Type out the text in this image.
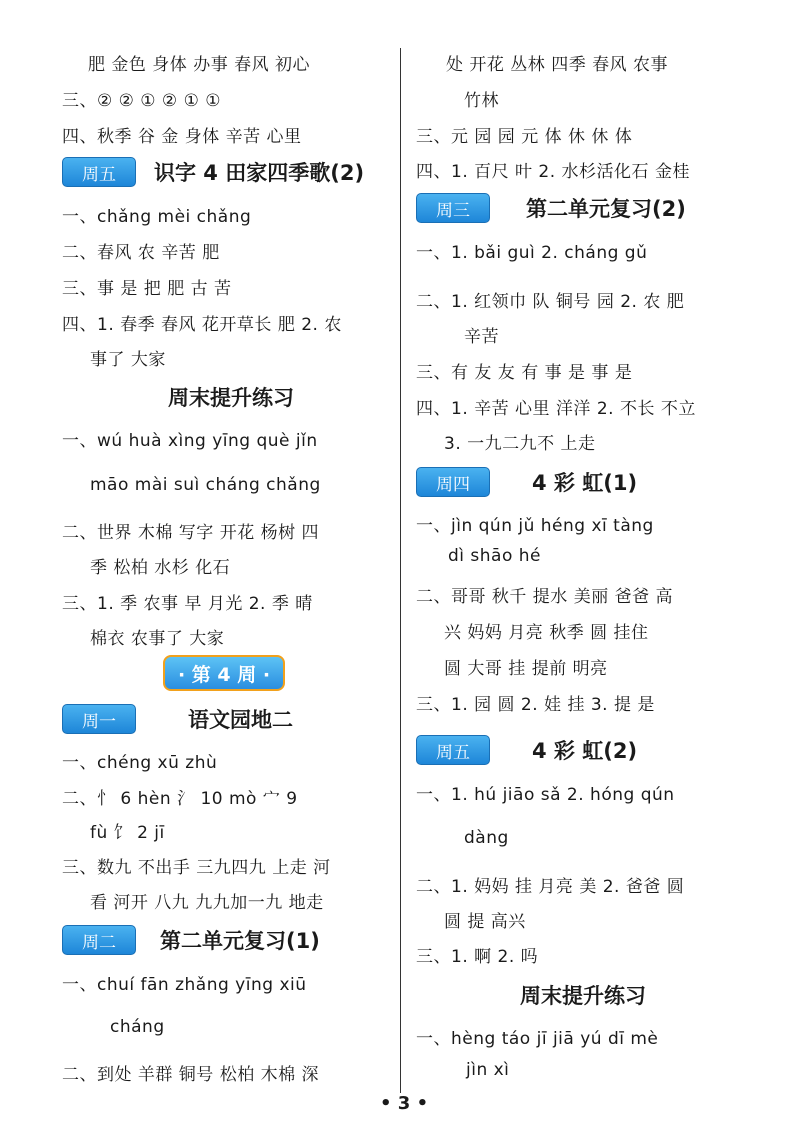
肥 金色 身体 办事 春风 初心
三、② ② ① ② ① ①
四、秋季 谷 金 身体 辛苦 心里
周五	识字 4 田家四季歌(2)
一、chǎng mèi chǎng
二、春风 农 辛苦 肥
三、事 是 把 肥 古 苦
四、1. 春季 春风 花开草长 肥 2. 农
事了 大家
周末提升练习
一、wú huà xìng yīng què jǐn
māo mài suì cháng chǎng
二、世界 木棉 写字 开花 杨树 四
季 松柏 水杉 化石
三、1. 季 农事 早 月光 2. 季 晴
棉衣 农事了 大家
· 第 4 周 ·
周一	语文园地二
一、chéng xū zhù
二、忄 6 hèn 氵 10 mò 宀 9
fù 饣 2 jī
三、数九 不出手 三九四九 上走 河
看 河开 八九 九九加一九 地走
周二	第二单元复习(1)
一、chuí fān zhǎng yīng xiū
cháng
二、到处 羊群 铜号 松柏 木棉 深
处 开花 丛林 四季 春风 农事
竹林
三、元 园 园 元 体 休 休 体
四、1. 百尺 叶 2. 水杉活化石 金桂
周三	第二单元复习(2)
一、1. bǎi guì 2. cháng gǔ
二、1. 红领巾 队 铜号 园 2. 农 肥
辛苦
三、有 友 友 有 事 是 事 是
四、1. 辛苦 心里 洋洋 2. 不长 不立
3. 一九二九不 上走
周四	4 彩 虹(1)
一、jìn qún jǔ héng xī tàng
dì shāo hé
二、哥哥 秋千 提水 美丽 爸爸 高
兴 妈妈 月亮 秋季 圆 挂住
圆 大哥 挂 提前 明亮
三、1. 园 圆 2. 娃 挂 3. 提 是
周五	4 彩 虹(2)
一、1. hú jiāo sǎ 2. hóng qún
dàng
二、1. 妈妈 挂 月亮 美 2. 爸爸 圆
圆 提 高兴
三、1. 啊 2. 吗
周末提升练习
一、hèng táo jī jiā yú dī mè
jìn xì
• 3 •
